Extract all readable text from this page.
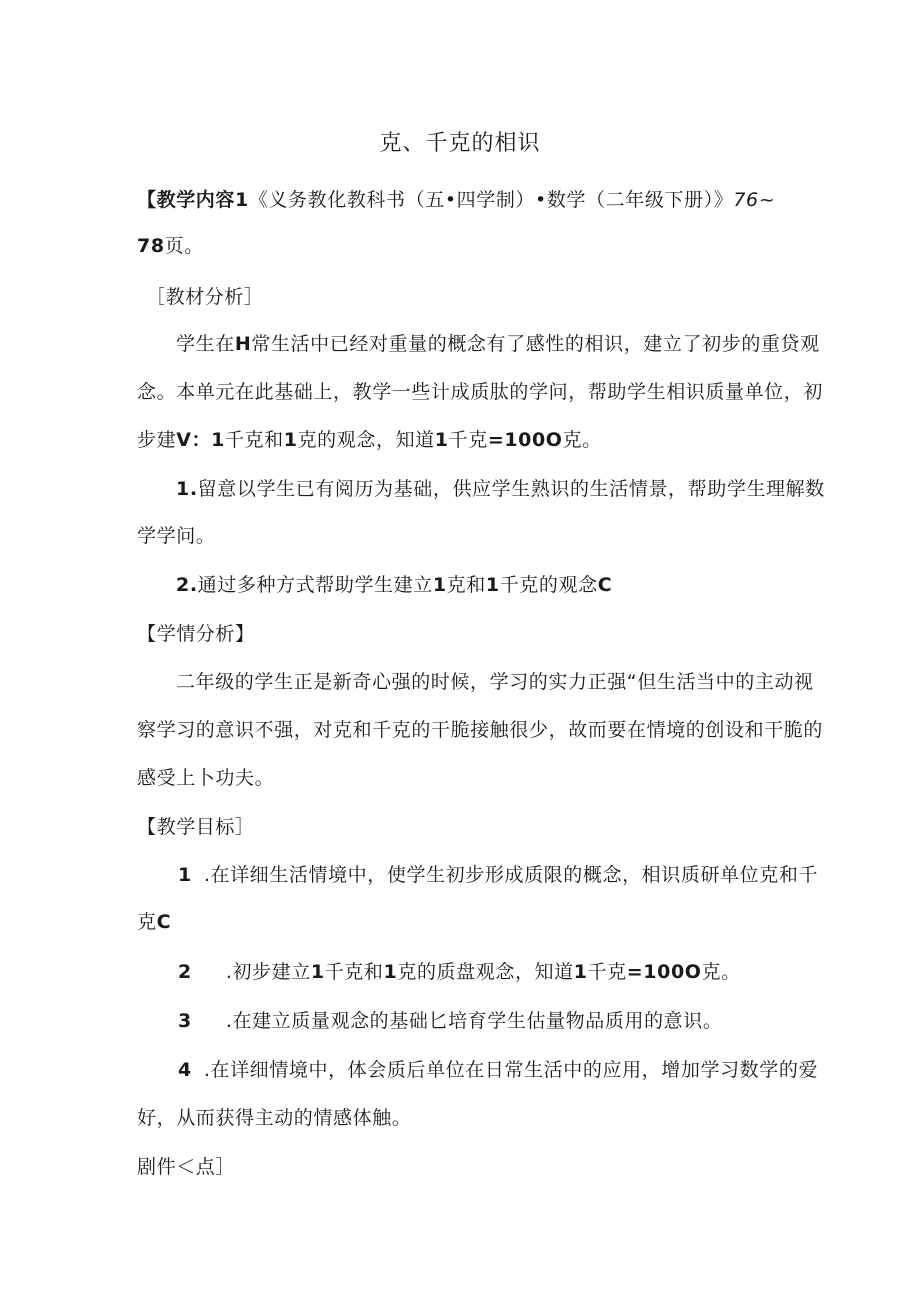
克、千克的相识
【教学内容1《义务教化教科书（五•四学制）•数学（二年级下册）》76~
78页。
［教材分析］
学生在H常生活中已经对重量的概念有了感性的相识，建立了初步的重贷观
念。本单元在此基础上，教学一些计成质肽的学问，帮助学生相识质量单位，初
步建V：1千克和1克的观念，知道1千克=100O克。
1.留意以学生已有阅历为基础，供应学生熟识的生活情景，帮助学生理解数
学学问。
2.通过多种方式帮助学生建立1克和1千克的观念C
【学情分析】
二年级的学生正是新奇心强的时候，学习的实力正强“但生活当中的主动视
察学习的意识不强，对克和千克的干脆接触很少，故而要在情境的创设和干脆的
感受上卜功夫。
【教学目标］
1 .在详细生活情境中，使学生初步形成质限的概念，相识质研单位克和千
克C
2 .初步建立1千克和1克的质盘观念，知道1千克=100O克。
3 .在建立质量观念的基础匕培育学生估量物品质用的意识。
4 .在详细情境中，体会质后单位在日常生活中的应用，增加学习数学的爱
好，从而获得主动的情感体触。
剧件＜点］
